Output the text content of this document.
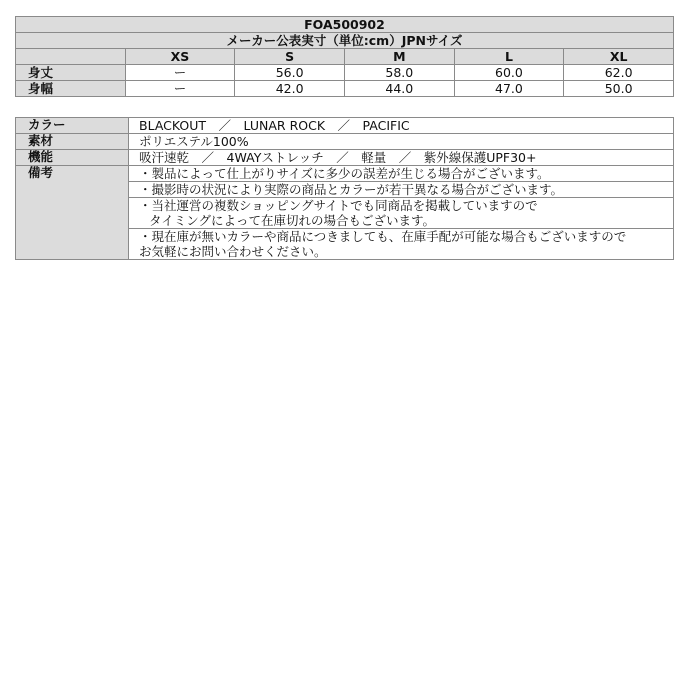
FOA500902					
メーカー公表実寸（単位:cm）JPNサイズ					
	XS	S	M	L	XL
身丈	ー	56.0	58.0	60.0	62.0
身幅	ー	42.0	44.0	47.0	50.0
カラー	BLACKOUT　／　LUNAR ROCK　／　PACIFIC
素材	ポリエステル100%
機能	吸汗速乾　／　4WAYストレッチ　／　軽量　／　紫外線保護UPF30+
備考	・製品によって仕上がりサイズに多少の誤差が生じる場合がございます。

	・撮影時の状況により実際の商品とカラーが若干異なる場合がございます。

	・当社運営の複数ショッピングサイトでも同商品を掲載していますので
タイミングによって在庫切れの場合もございます。

	・現在庫が無いカラーや商品につきましても、在庫手配が可能な場合もございますので
お気軽にお問い合わせください。
